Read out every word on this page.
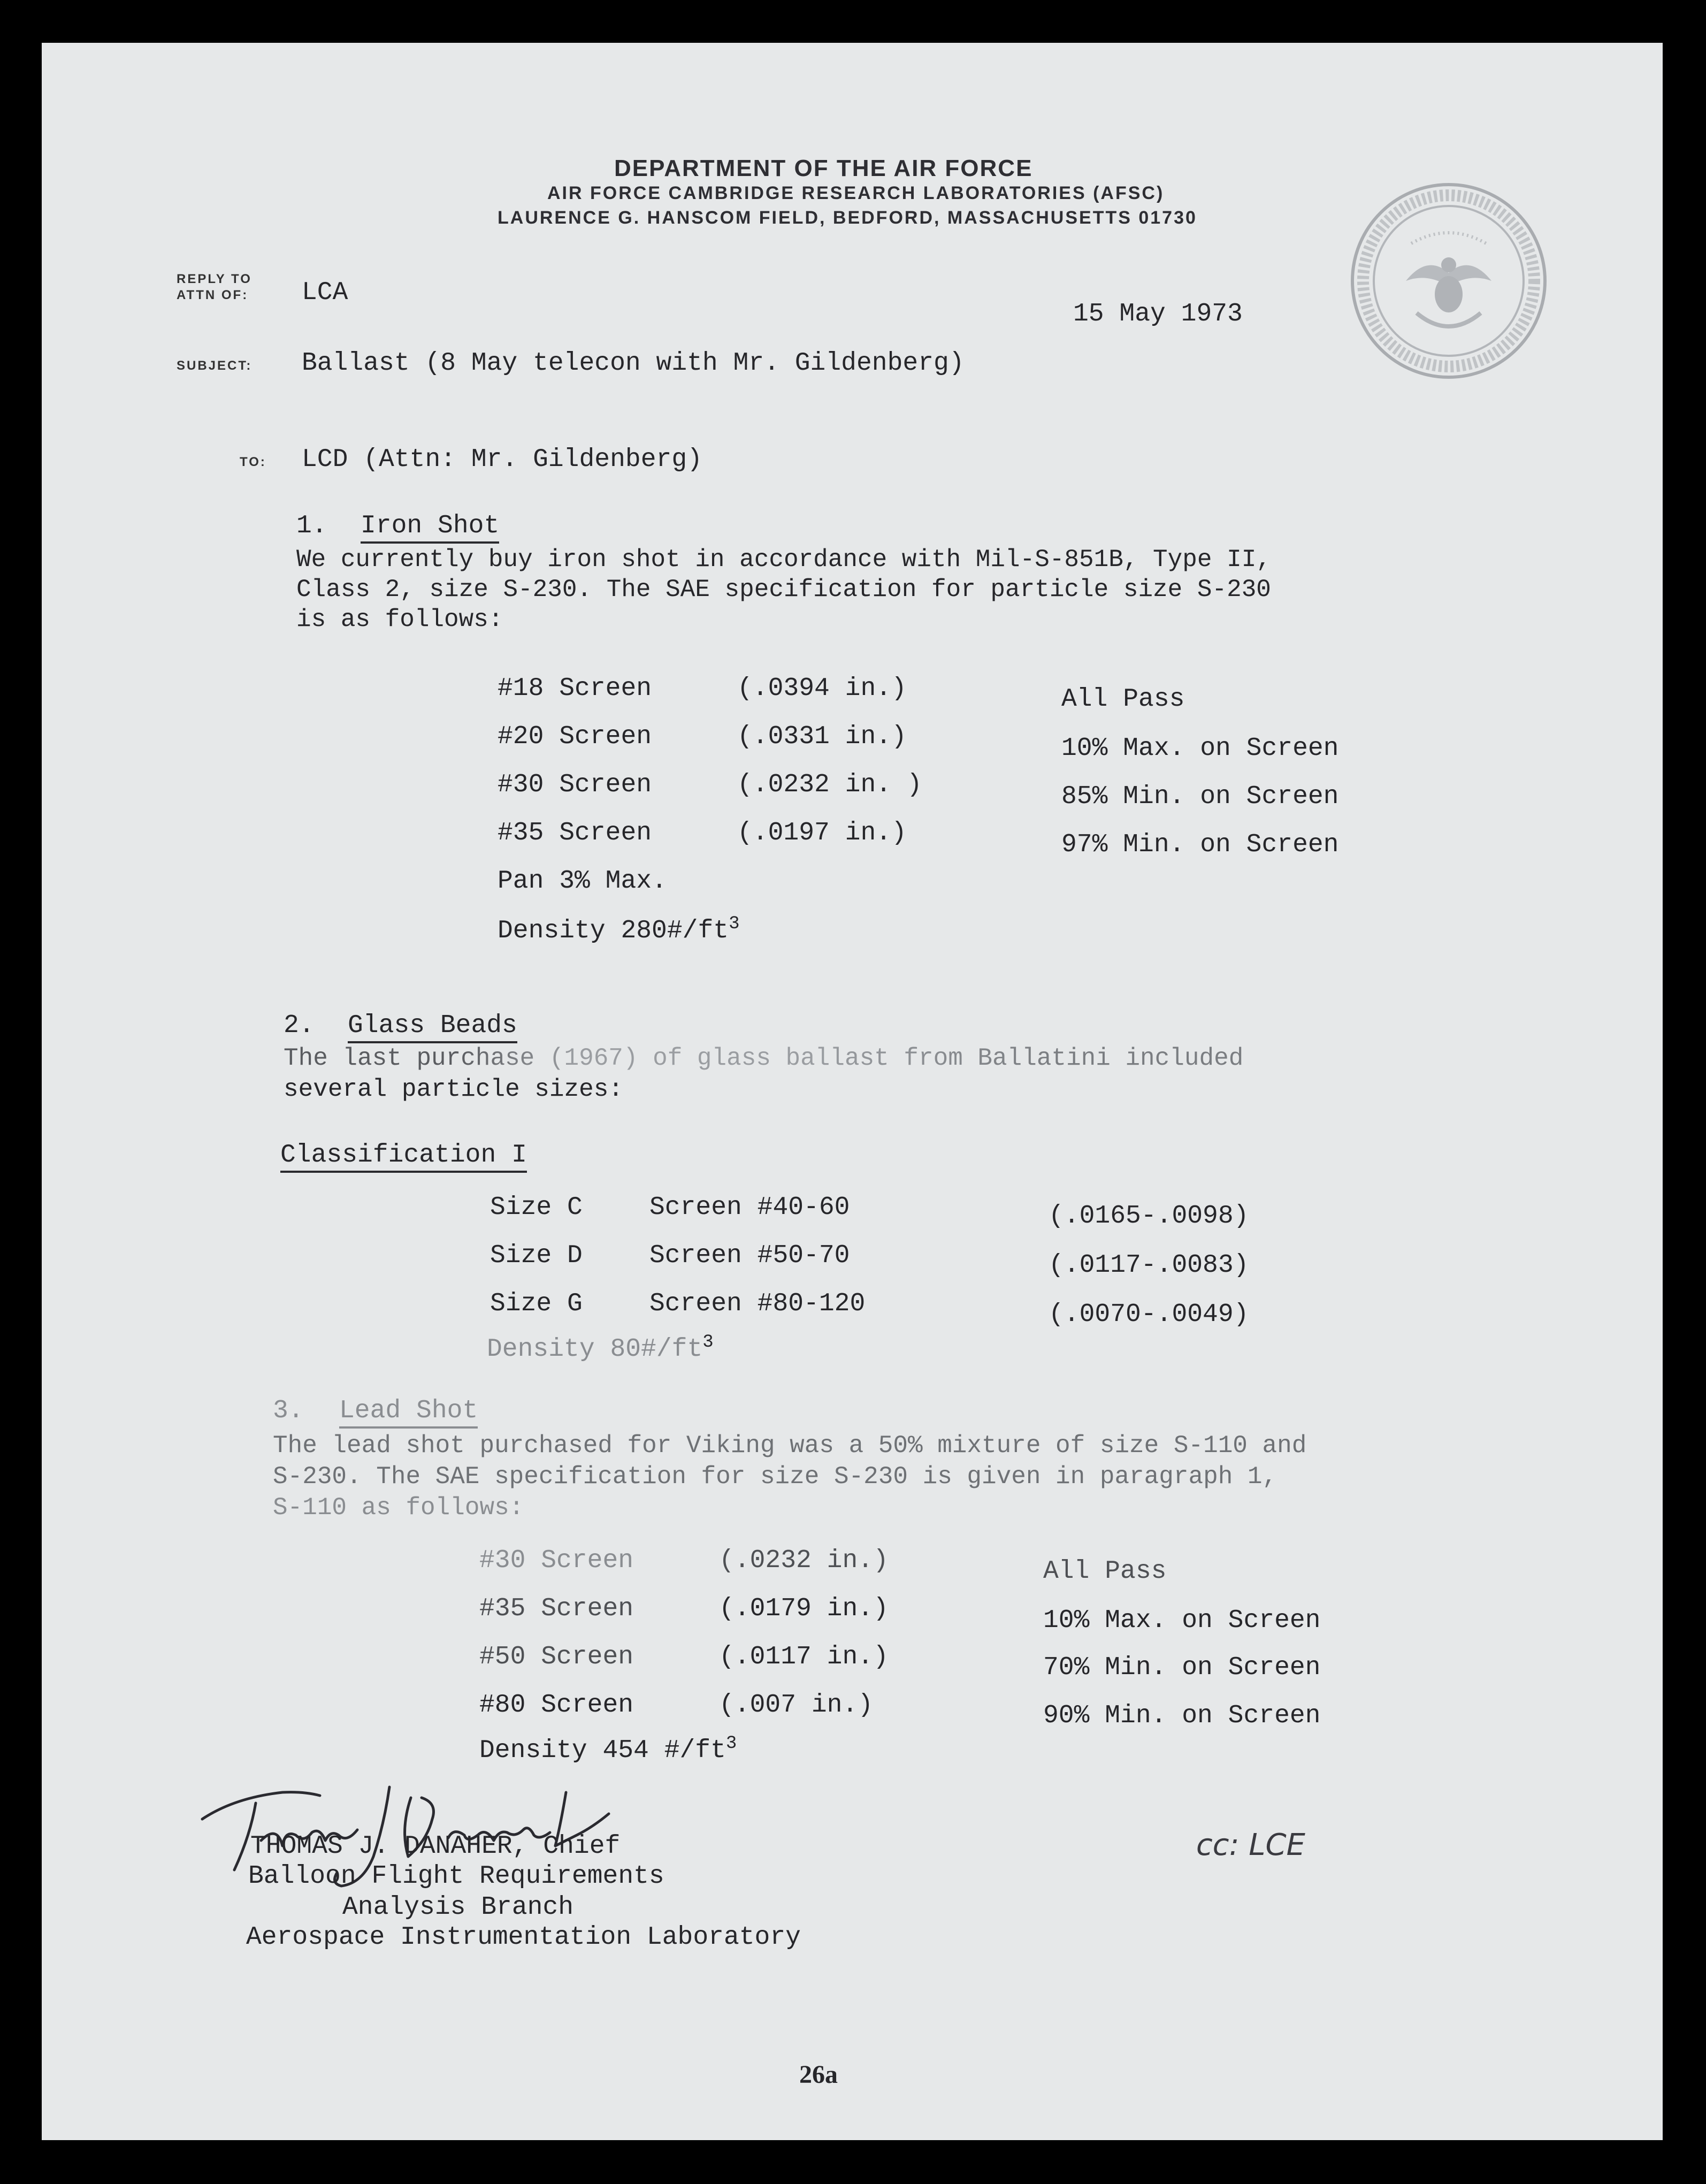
DEPARTMENT OF THE AIR FORCE
AIR FORCE CAMBRIDGE RESEARCH LABORATORIES (AFSC)
LAURENCE G. HANSCOM FIELD, BEDFORD, MASSACHUSETTS 01730
REPLY TO
ATTN OF: LCA
15 May 1973
SUBJECT: Ballast (8 May telecon with Mr. Gildenberg)
TO: LCD (Attn: Mr. Gildenberg)
1. Iron Shot
We currently buy iron shot in accordance with Mil-S-851B, Type II,
Class 2, size S-230. The SAE specification for particle size S-230
is as follows:
#18 Screen	(.0394 in.)	All Pass
#20 Screen	(.0331 in.)	10% Max. on Screen
#30 Screen	(.0232 in. )	85% Min. on Screen
#35 Screen	(.0197 in.)	97% Min. on Screen
Pan 3% Max.
Density $280\#/ft^3$
2. Glass Beads
The last purchase (1967) of glass ballast from Ballatini included
several particle sizes:
Classification I
Size C	Screen #40-60	(.0165-.0098)
Size D	Screen #50-70	(.0117-.0083)
Size G	Screen #80-120	(.0070-.0049)
Density $80\#/ft^3$
3. Lead Shot
The lead shot purchased for Viking was a 50% mixture of size S-110 and
S-230. The SAE specification for size S-230 is given in paragraph 1,
S-110 as follows:
#30 Screen	(.0232 in.)	All Pass
#35 Screen	(.0179 in.)	10% Max. on Screen
#50 Screen	(.0117 in.)	70% Min. on Screen
#80 Screen	(.007 in.)	90% Min. on Screen
Density 454 $\#/ft^3$
THOMAS J. DANAHER, Chief
Balloon Flight Requirements
Analysis Branch
Aerospace Instrumentation Laboratory
cc: LCE
26a
